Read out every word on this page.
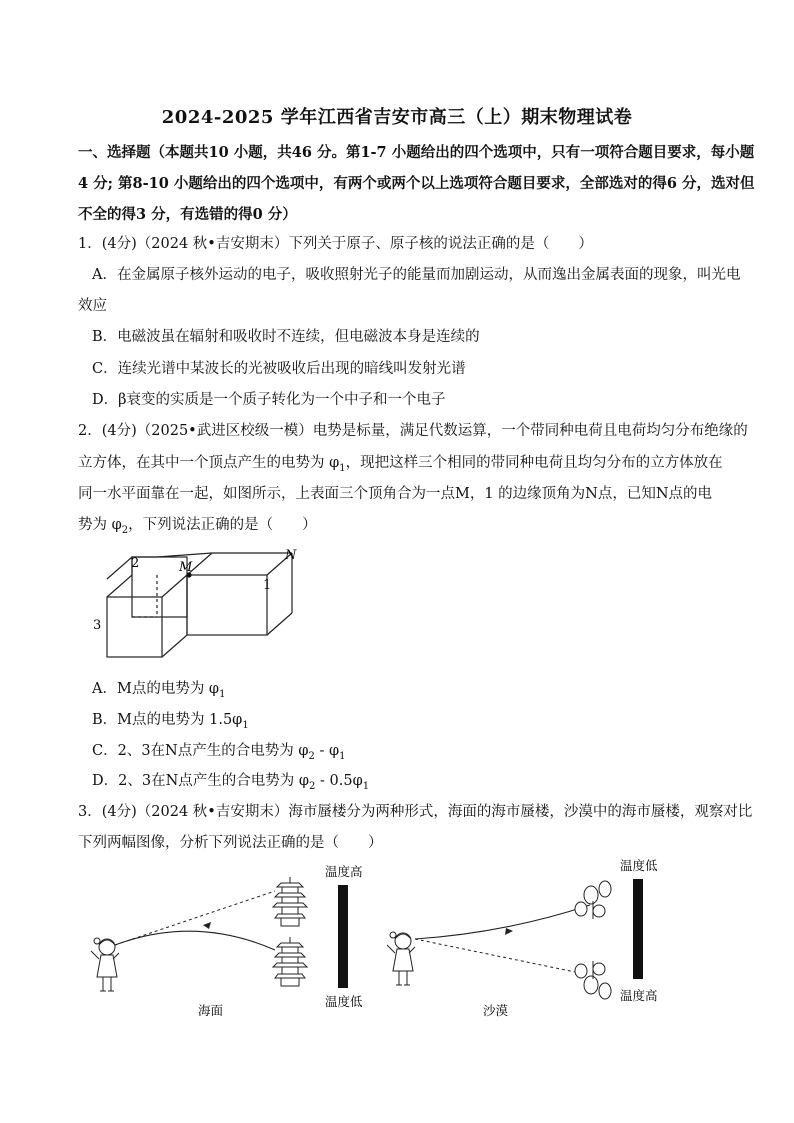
2024-2025 学年江西省吉安市高三（上）期末物理试卷
一、选择题（本题共10 小题，共46 分。第1-7 小题给出的四个选项中，只有一项符合题目要求，每小题
4 分; 第8-10 小题给出的四个选项中，有两个或两个以上选项符合题目要求，全部选对的得6 分，选对但
不全的得3 分，有选错的得0 分）
1．(4分)（2024 秋•吉安期末）下列关于原子、原子核的说法正确的是（　　）
A．在金属原子核外运动的电子，吸收照射光子的能量而加剧运动，从而逸出金属表面的现象，叫光电
效应
B．电磁波虽在辐射和吸收时不连续，但电磁波本身是连续的
C．连续光谱中某波长的光被吸收后出现的暗线叫发射光谱
D．β衰变的实质是一个质子转化为一个中子和一个电子
2．(4分)（2025•武进区校级一模）电势是标量，满足代数运算，一个带同种电荷且电荷均匀分布绝缘的
立方体，在其中一个顶点产生的电势为 $\varphi_1$，现把这样三个相同的带同种电荷且均匀分布的立方体放在
同一水平面靠在一起，如图所示，上表面三个顶角合为一点M，1 的边缘顶角为N点，已知N点的电
势为 $\varphi_2$，下列说法正确的是（　　）
2	M
N
1
3
A．M点的电势为 $\varphi_1$
B．M点的电势为 $1.5\varphi_1$
C．2、3在N点产生的合电势为 $\varphi_2 - \varphi_1$
D．2、3在N点产生的合电势为 $\varphi_2 - 0.5\varphi_1$
3．(4分)（2024 秋•吉安期末）海市蜃楼分为两种形式，海面的海市蜃楼，沙漠中的海市蜃楼，观察对比
下列两幅图像，分析下列说法正确的是（　　）
温度高
温度低
海面
温度低
温度高
沙漠
